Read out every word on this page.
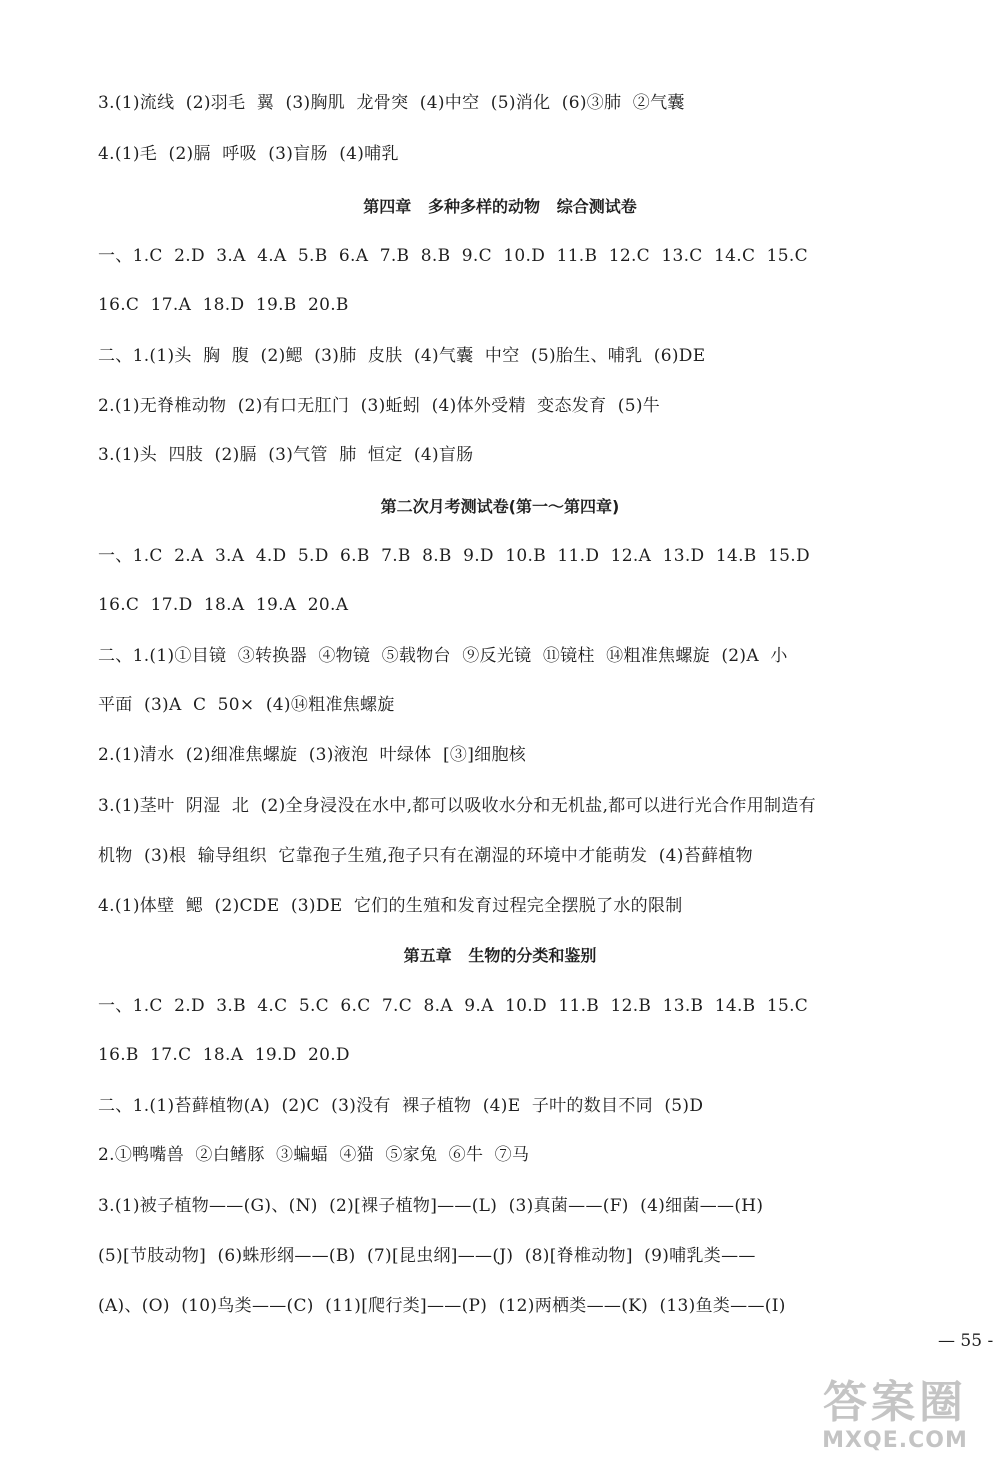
3.(1)流线  (2)羽毛  翼  (3)胸肌  龙骨突  (4)中空  (5)消化  (6)③肺  ②气囊
4.(1)毛  (2)膈  呼吸  (3)盲肠  (4)哺乳
第四章   多种多样的动物   综合测试卷
一、1.C  2.D  3.A  4.A  5.B  6.A  7.B  8.B  9.C  10.D  11.B  12.C  13.C  14.C  15.C
16.C  17.A  18.D  19.B  20.B
二、1.(1)头  胸  腹  (2)鳃  (3)肺  皮肤  (4)气囊  中空  (5)胎生、哺乳  (6)DE
2.(1)无脊椎动物  (2)有口无肛门  (3)蚯蚓  (4)体外受精  变态发育  (5)牛
3.(1)头  四肢  (2)膈  (3)气管  肺  恒定  (4)盲肠
第二次月考测试卷(第一～第四章)
一、1.C  2.A  3.A  4.D  5.D  6.B  7.B  8.B  9.D  10.B  11.D  12.A  13.D  14.B  15.D
16.C  17.D  18.A  19.A  20.A
二、1.(1)①目镜  ③转换器  ④物镜  ⑤载物台  ⑨反光镜  ⑪镜柱  ⑭粗准焦螺旋  (2)A  小
平面  (3)A  C  50×  (4)⑭粗准焦螺旋
2.(1)清水  (2)细准焦螺旋  (3)液泡  叶绿体  [③]细胞核
3.(1)茎叶  阴湿  北  (2)全身浸没在水中,都可以吸收水分和无机盐,都可以进行光合作用制造有
机物  (3)根  输导组织  它靠孢子生殖,孢子只有在潮湿的环境中才能萌发  (4)苔藓植物
4.(1)体壁  鳃  (2)CDE  (3)DE  它们的生殖和发育过程完全摆脱了水的限制
第五章   生物的分类和鉴别
一、1.C  2.D  3.B  4.C  5.C  6.C  7.C  8.A  9.A  10.D  11.B  12.B  13.B  14.B  15.C
16.B  17.C  18.A  19.D  20.D
二、1.(1)苔藓植物(A)  (2)C  (3)没有  裸子植物  (4)E  子叶的数目不同  (5)D
2.①鸭嘴兽  ②白鳍豚  ③蝙蝠  ④猫  ⑤家兔  ⑥牛  ⑦马
3.(1)被子植物——(G)、(N)  (2)[裸子植物]——(L)  (3)真菌——(F)  (4)细菌——(H)
(5)[节肢动物]  (6)蛛形纲——(B)  (7)[昆虫纲]——(J)  (8)[脊椎动物]  (9)哺乳类——
(A)、(O)  (10)鸟类——(C)  (11)[爬行类]——(P)  (12)两栖类——(K)  (13)鱼类——(I)
— 55 -
答案圈
MXQE.COM
